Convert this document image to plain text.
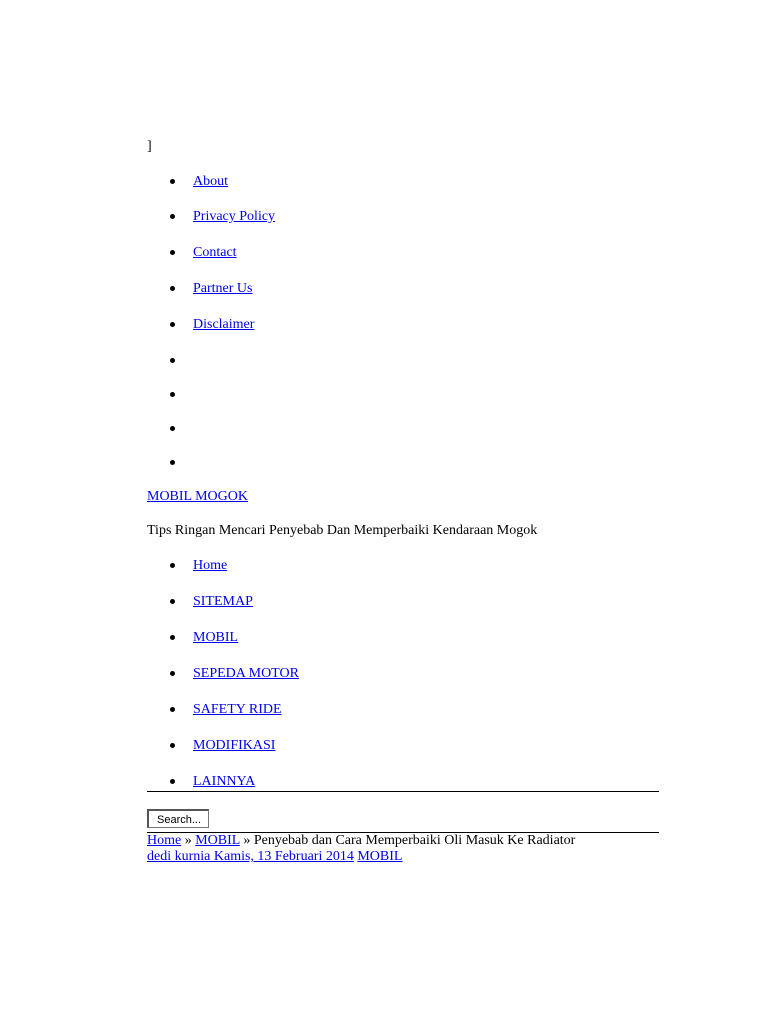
]
About
Privacy Policy
Contact
Partner Us
Disclaimer
MOBIL MOGOK
Tips Ringan Mencari Penyebab Dan Memperbaiki Kendaraan Mogok
Home
SITEMAP
MOBIL
SEPEDA MOTOR
SAFETY RIDE
MODIFIKASI
LAINNYA
Search...
Home » MOBIL » Penyebab dan Cara Memperbaiki Oli Masuk Ke Radiator
dedi kurnia Kamis, 13 Februari 2014 MOBIL
